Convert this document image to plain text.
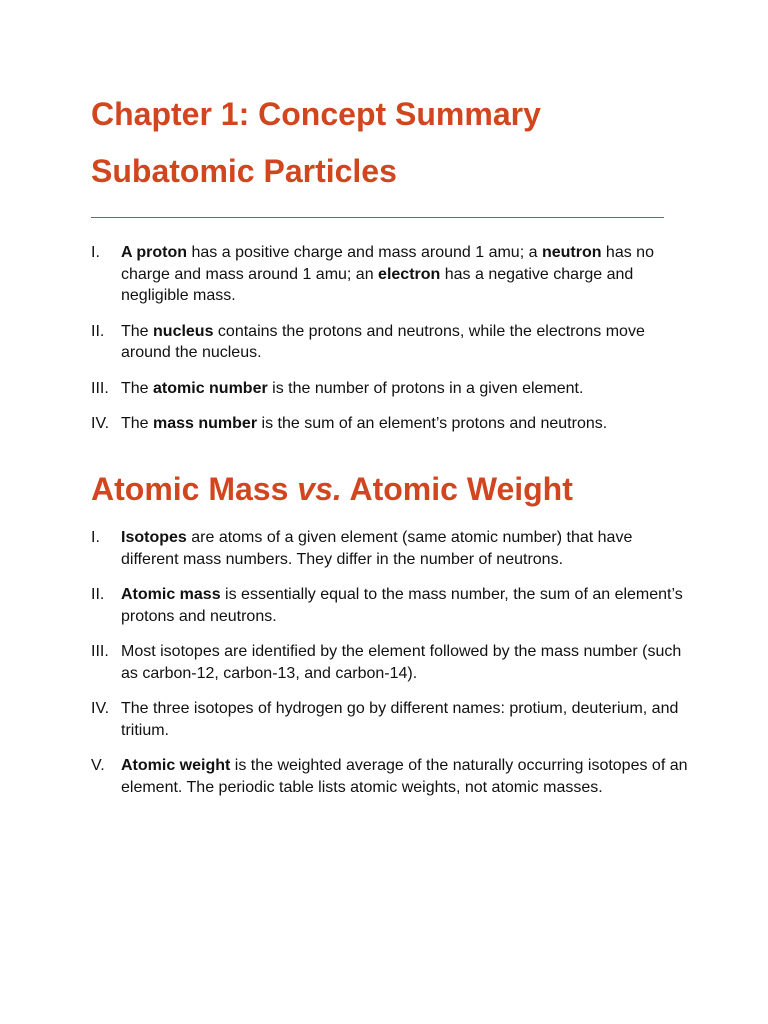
Chapter 1: Concept Summary
Subatomic Particles
I. A proton has a positive charge and mass around 1 amu; a neutron has no charge and mass around 1 amu; an electron has a negative charge and negligible mass.
II. The nucleus contains the protons and neutrons, while the electrons move around the nucleus.
III. The atomic number is the number of protons in a given element.
IV. The mass number is the sum of an element’s protons and neutrons.
Atomic Mass vs. Atomic Weight
I. Isotopes are atoms of a given element (same atomic number) that have different mass numbers. They differ in the number of neutrons.
II. Atomic mass is essentially equal to the mass number, the sum of an element’s protons and neutrons.
III. Most isotopes are identified by the element followed by the mass number (such as carbon-12, carbon-13, and carbon-14).
IV. The three isotopes of hydrogen go by different names: protium, deuterium, and tritium.
V. Atomic weight is the weighted average of the naturally occurring isotopes of an element. The periodic table lists atomic weights, not atomic masses.
